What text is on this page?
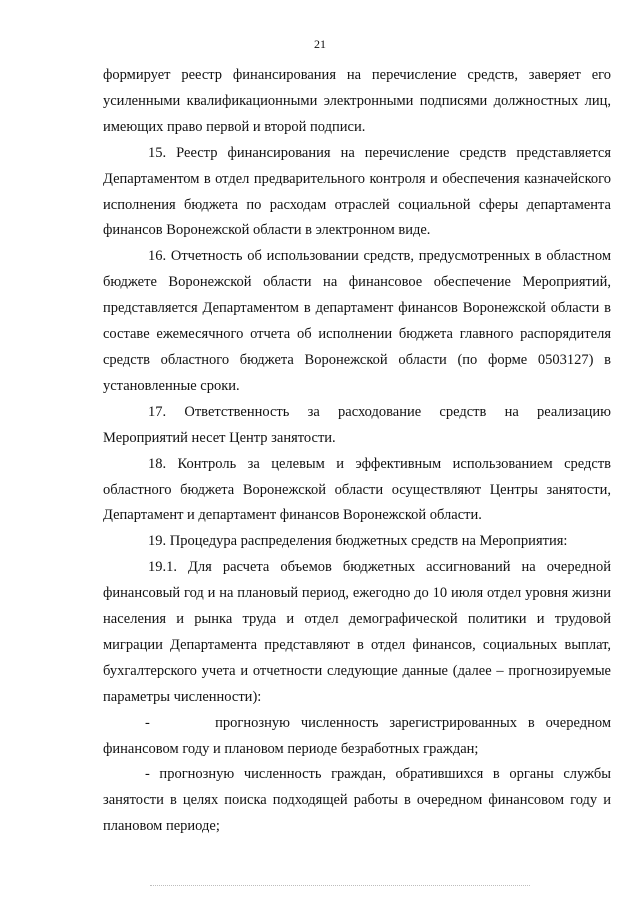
21

формирует реестр финансирования на перечисление средств, заверяет его усиленными квалификационными электронными подписями должностных лиц, имеющих право первой и второй подписи.

15. Реестр финансирования на перечисление средств представляется Департаментом в отдел предварительного контроля и обеспечения казначейского исполнения бюджета по расходам отраслей социальной сферы департамента финансов Воронежской области в электронном виде.

16. Отчетность об использовании средств, предусмотренных в областном бюджете Воронежской области на финансовое обеспечение Мероприятий, представляется Департаментом в департамент финансов Воронежской области в составе ежемесячного отчета об исполнении бюджета главного распорядителя средств областного бюджета Воронежской области (по форме 0503127) в установленные сроки.

17. Ответственность за расходование средств на реализацию Мероприятий несет Центр занятости.

18. Контроль за целевым и эффективным использованием средств областного бюджета Воронежской области осуществляют Центры занятости, Департамент и департамент финансов Воронежской области.

19. Процедура распределения бюджетных средств на Мероприятия:

19.1. Для расчета объемов бюджетных ассигнований на очередной финансовый год и на плановый период, ежегодно до 10 июля отдел уровня жизни населения и рынка труда и отдел демографической политики и трудовой миграции Департамента представляют в отдел финансов, социальных выплат, бухгалтерского учета и отчетности следующие данные (далее – прогнозируемые параметры численности):

-      прогнозную численность зарегистрированных в очередном финансовом году и плановом периоде безработных граждан;

- прогнозную численность граждан, обратившихся в органы службы занятости в целях поиска подходящей работы в очередном финансовом году и плановом периоде;
